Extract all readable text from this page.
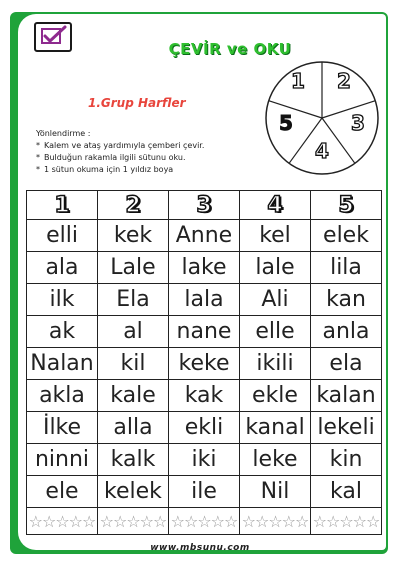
ÇEVİR ve OKU
1.Grup Harfler
Yönlendirme :
* Kalem ve ataş yardımıyla çemberi çevir.
* Bulduğun rakamla ilgili sütunu oku.
* 1 sütun okuma için 1 yıldız boya
1 2
3
4
5
1	2	3	4	5
elli	kek	Anne	kel	elek
ala	Lale	lake	lale	lila
ilk	Ela	lala	Ali	kan
ak	al	nane	elle	anla
Nalan	kil	keke	ikili	ela
akla	kale	kak	ekle	kalan
İlke	alla	ekli	kanal	lekeli
ninni	kalk	iki	leke	kin
ele	kelek	ile	Nil	kal
☆☆☆☆☆	☆☆☆☆☆	☆☆☆☆☆	☆☆☆☆☆	☆☆☆☆☆
www.mbsunu.com
